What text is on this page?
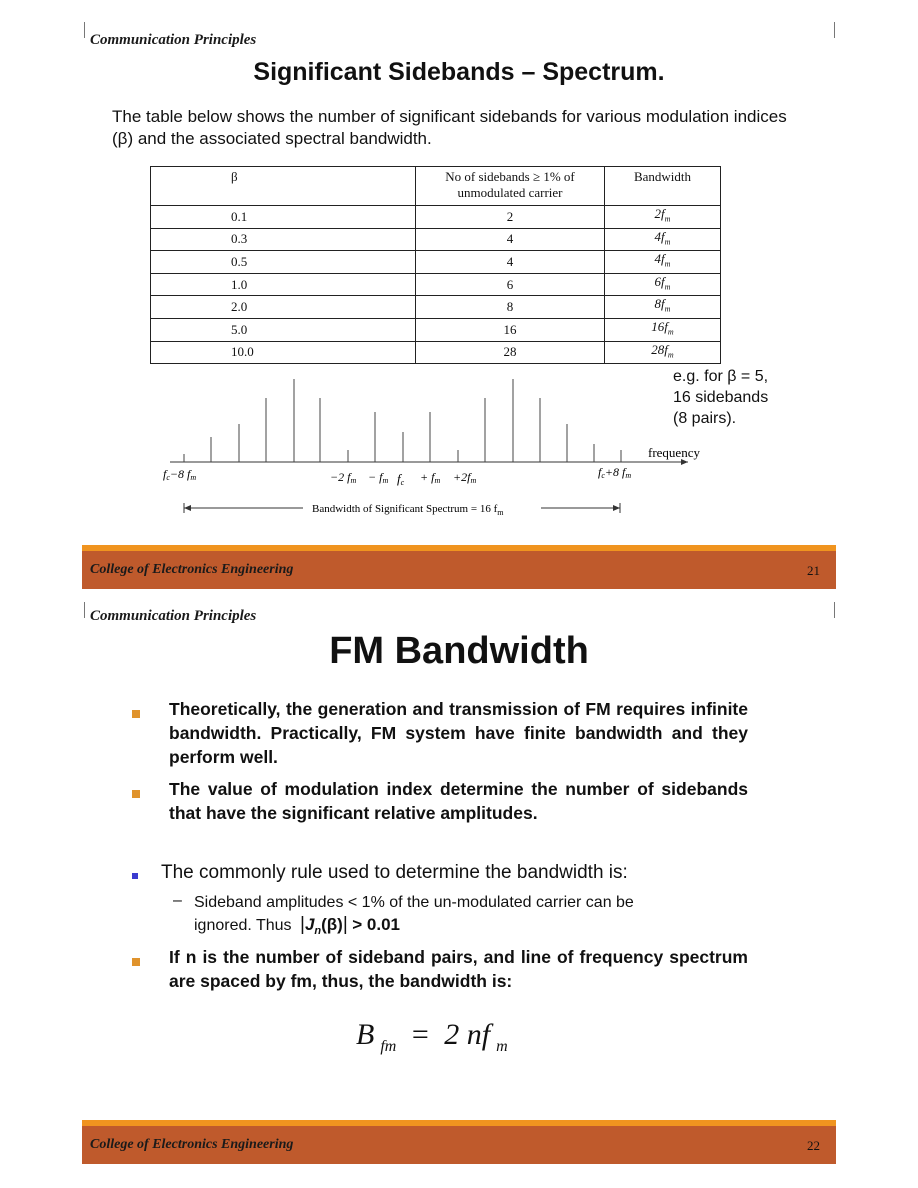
Communication Principles
Significant Sidebands – Spectrum.
The table below shows the number of significant sidebands for various modulation indices (β) and the associated spectral bandwidth.
β	No of sidebands ≥ 1% of unmodulated carrier	Bandwidth
0.1	2	$2f_m$
0.3	4	$4f_m$
0.5	4	$4f_m$
1.0	6	$6f_m$
2.0	8	$8f_m$
5.0	16	$16f_m$
10.0	28	$28f_m$
e.g. for β = 5,
16 sidebands
(8 pairs).
frequency
fc−8 fm	−2 fm − fm fc + fm +2fm
fc+8 fm
Bandwidth of Significant Spectrum = 16 $f_m$
College of Electronics Engineering	21
Communication Principles
FM Bandwidth
Theoretically, the generation and transmission of FM requires infinite bandwidth. Practically, FM system have finite bandwidth and they perform well.
The value of modulation index determine the number of sidebands that have the significant relative amplitudes.
The commonly rule used to determine the bandwidth is:
– Sideband amplitudes < 1% of the un-modulated carrier can be
ignored. Thus $|J_n(\beta)| > 0.01$
If n is the number of sideband pairs, and line of frequency spectrum are spaced by fm, thus, the bandwidth is:
B $_{fm}$ = 2 nf $_m$
College of Electronics Engineering	22
